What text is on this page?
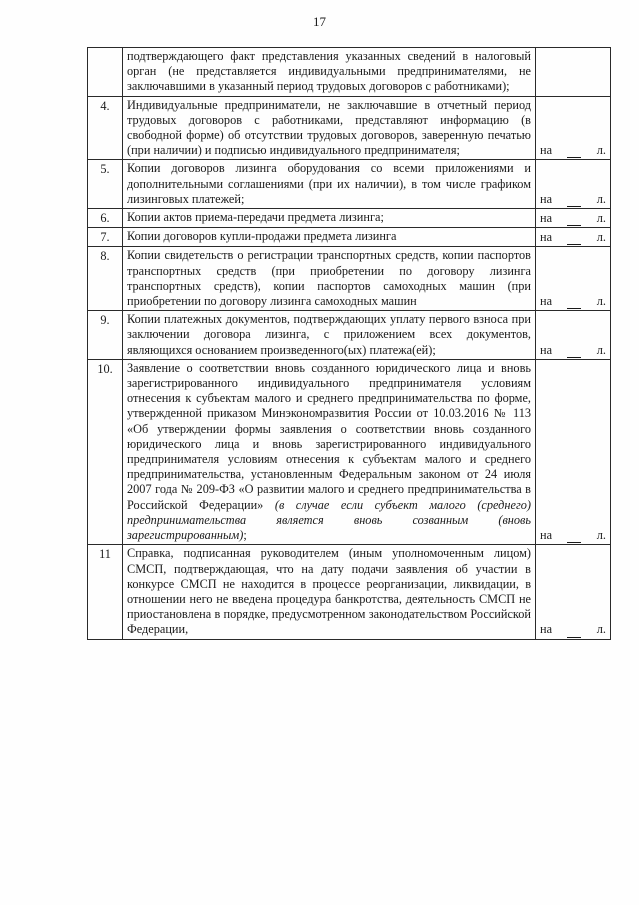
17
	подтверждающего факт представления указанных сведений в налоговый орган (не представляется индивидуальными предпринимателями, не заключавшими в указанный период трудовых договоров с работниками);	
4.	Индивидуальные предприниматели, не заключавшие в отчетный период трудовых договоров с работниками, представляют информацию (в свободной форме) об отсутствии трудовых договоров, заверенную печатью (при наличии) и подписью индивидуального предпринимателя;	на л.

5.	Копии договоров лизинга оборудования со всеми приложениями и дополнительными соглашениями (при их наличии), в том числе графиком лизинговых платежей;	на л.

6.	Копии актов приема-передачи предмета лизинга;	на л.

7.	Копии договоров купли-продажи предмета лизинга	на л.

8.	Копии свидетельств о регистрации транспортных средств, копии паспортов транспортных средств (при приобретении по договору лизинга транспортных средств), копии паспортов самоходных машин (при приобретении по договору лизинга самоходных машин	на л.

9.	Копии платежных документов, подтверждающих уплату первого взноса при заключении договора лизинга, с приложением всех документов, являющихся основанием произведенного(ых) платежа(ей);	на л.

10.	Заявление о соответствии вновь созданного юридического лица и вновь зарегистрированного индивидуального предпринимателя условиям отнесения к субъектам малого и среднего предпринимательства по форме, утвержденной приказом Минэкономразвития России от 10.03.2016 № 113 «Об утверждении формы заявления о соответствии вновь созданного юридического лица и вновь зарегистрированного индивидуального предпринимателя условиям отнесения к субъектам малого и среднего предпринимательства, установленным Федеральным законом от 24 июля 2007 года № 209-ФЗ «О развитии малого и среднего предпринимательства в Российской Федерации» (в случае если субъект малого (среднего) предпринимательства является вновь созванным (вновь зарегистрированным);	на л.

11	Справка, подписанная руководителем (иным уполномоченным лицом) СМСП, подтверждающая, что на дату подачи заявления об участии в конкурсе СМСП не находится в процессе реорганизации, ликвидации, в отношении него не введена процедура банкротства, деятельность СМСП не приостановлена в порядке, предусмотренном законодательством Российской Федерации,	на л.
